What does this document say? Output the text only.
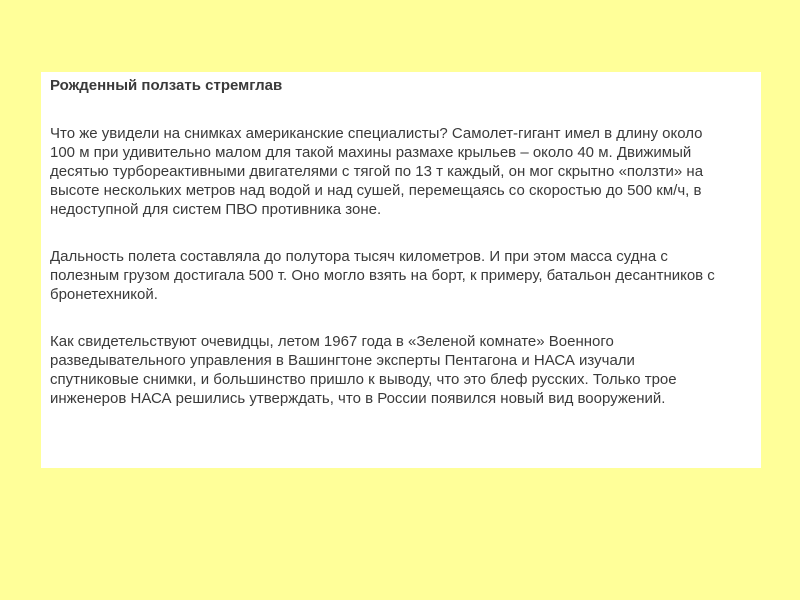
Рожденный ползать стремглав

Что же увидели на снимках американские специалисты? Самолет-гигант имел в длину около 100 м при удивительно малом для такой махины размахе крыльев – около 40 м. Движимый десятью турбореактивными двигателями с тягой по 13 т каждый, он мог скрытно «ползти» на высоте нескольких метров над водой и над сушей, перемещаясь со скоростью до 500 км/ч, в недоступной для систем ПВО противника зоне.

Дальность полета составляла до полутора тысяч километров. И при этом масса судна с полезным грузом достигала 500 т. Оно могло взять на борт, к примеру, батальон десантников с бронетехникой.

Как свидетельствуют очевидцы, летом 1967 года в «Зеленой комнате» Военного разведывательного управления в Вашингтоне эксперты Пентагона и НАСА изучали спутниковые снимки, и большинство пришло к выводу, что это блеф русских. Только трое инженеров НАСА решились утверждать, что в России появился новый вид вооружений.
